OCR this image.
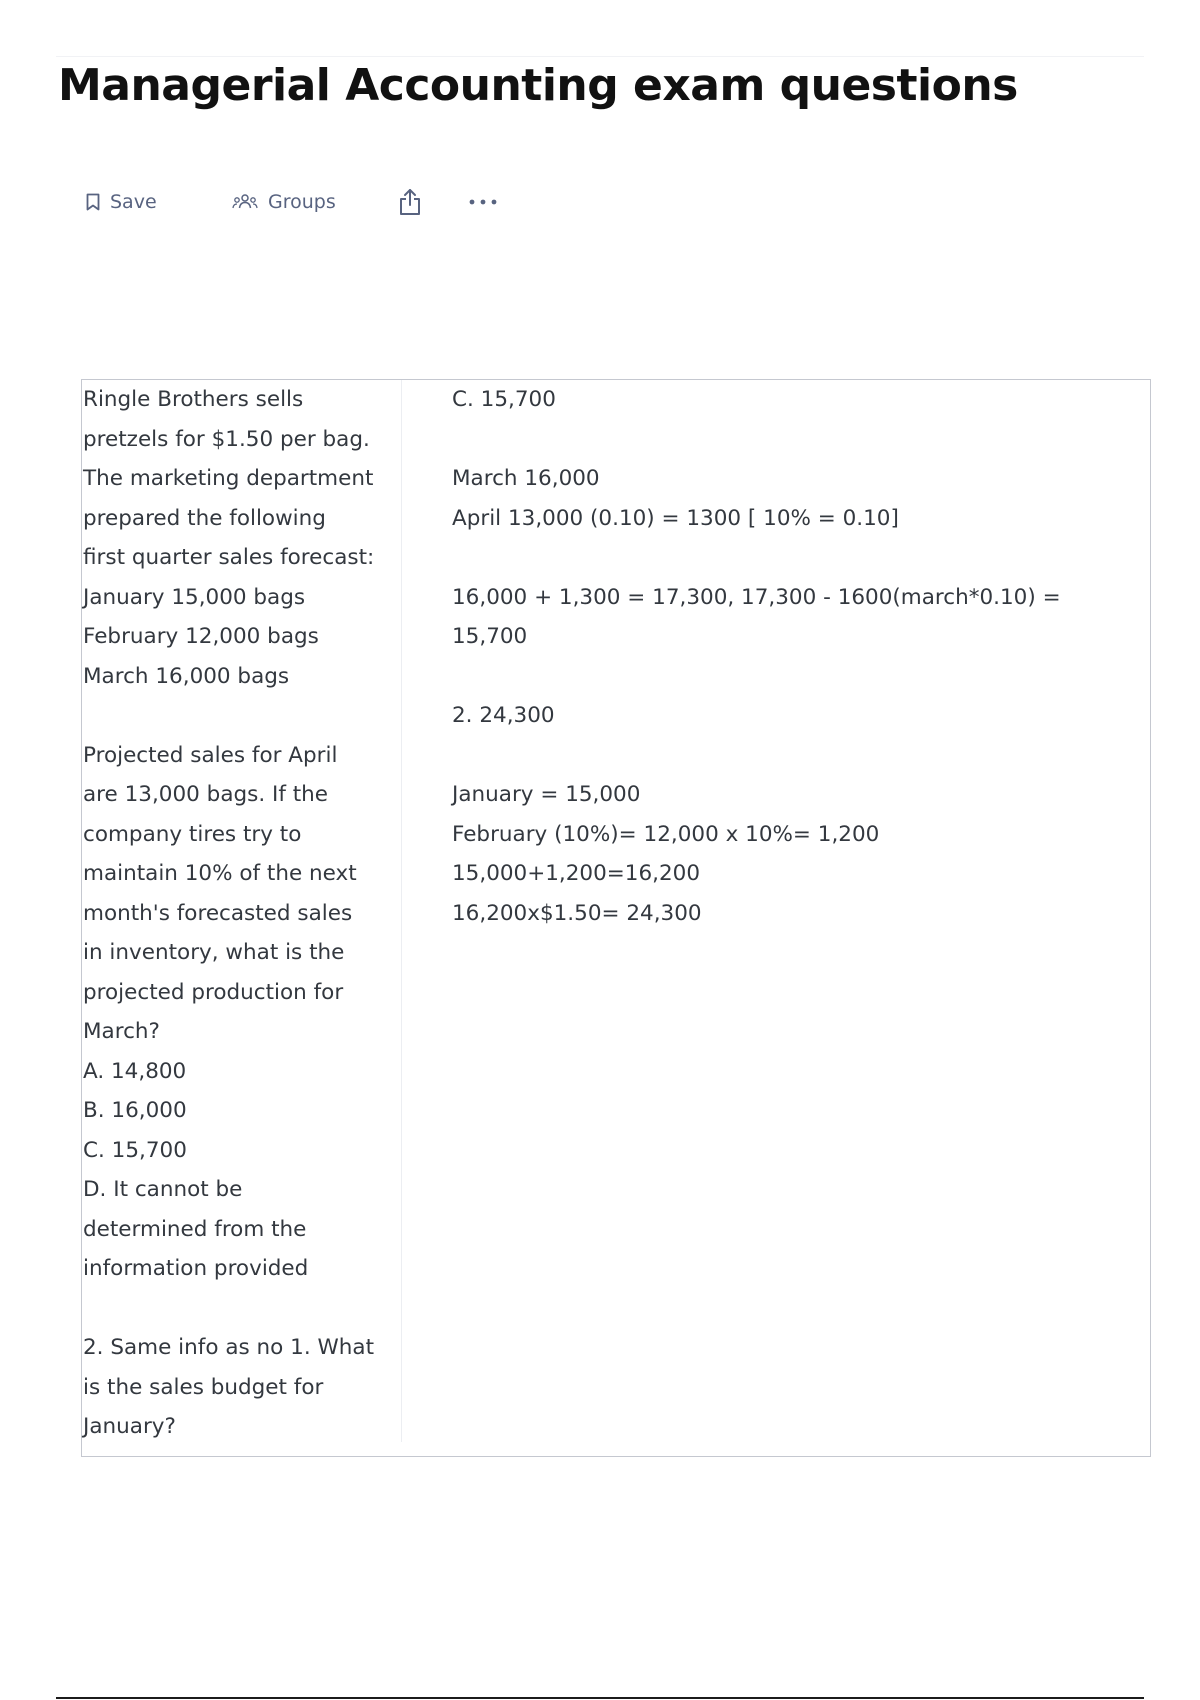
Managerial Accounting exam questions
Save	Groups
Ringle Brothers sells
pretzels for $1.50 per bag.
The marketing department
prepared the following
first quarter sales forecast:
January 15,000 bags
February 12,000 bags
March 16,000 bags
Projected sales for April
are 13,000 bags. If the
company tires try to
maintain 10% of the next
month's forecasted sales
in inventory, what is the
projected production for
March?
A. 14,800
B. 16,000
C. 15,700
D. It cannot be
determined from the
information provided
2. Same info as no 1. What
is the sales budget for
January?
C. 15,700
March 16,000
April 13,000 (0.10) = 1300 [ 10% = 0.10]
16,000 + 1,300 = 17,300, 17,300 - 1600(march*0.10) =
15,700
2. 24,300
January = 15,000
February (10%)= 12,000 x 10%= 1,200
15,000+1,200=16,200
16,200x$1.50= 24,300
